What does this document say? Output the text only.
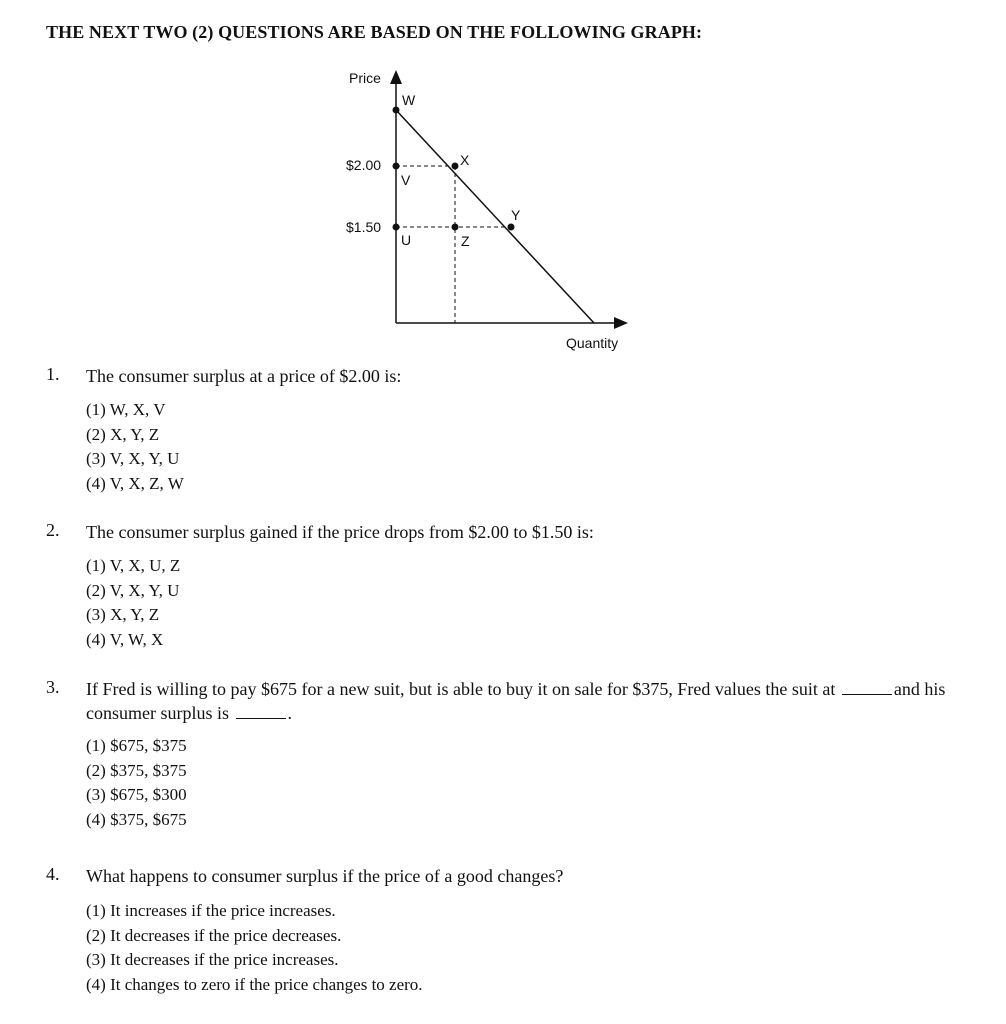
THE NEXT TWO (2) QUESTIONS ARE BASED ON THE FOLLOWING GRAPH:
Price
Quantity
$2.00
$1.50
W
X
V
Y
U	Z
1. The consumer surplus at a price of $2.00 is:
(1) W, X, V
(2) X, Y, Z
(3) V, X, Y, U
(4) V, X, Z, W
2. The consumer surplus gained if the price drops from $2.00 to $1.50 is:
(1) V, X, U, Z
(2) V, X, Y, U
(3) X, Y, Z
(4) V, W, X
3. If Fred is willing to pay $675 for a new suit, but is able to buy it on sale for $375, Fred values the suit at	and his consumer surplus is	.
(1) $675, $375
(2) $375, $375
(3) $675, $300
(4) $375, $675
4. What happens to consumer surplus if the price of a good changes?
(1) It increases if the price increases.
(2) It decreases if the price decreases.
(3) It decreases if the price increases.
(4) It changes to zero if the price changes to zero.
